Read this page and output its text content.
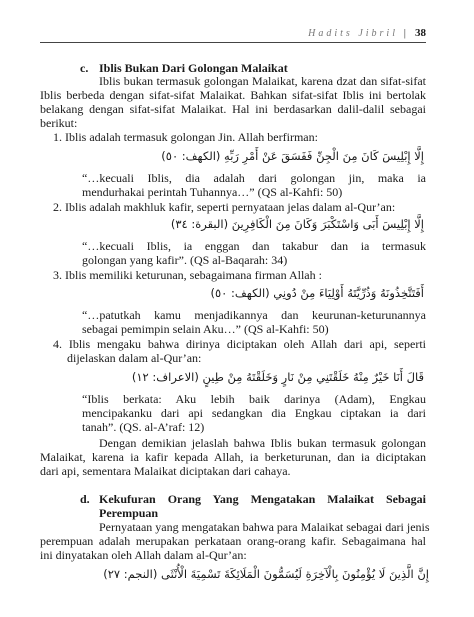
Hadits Jibril | 38
c. Iblis Bukan Dari Golongan Malaikat
Iblis bukan termasuk golongan Malaikat, karena dzat dan sifat-sifat
Iblis berbeda dengan sifat-sifat Malaikat. Bahkan sifat-sifat Iblis ini bertolak
belakang dengan sifat-sifat Malaikat. Hal ini berdasarkan dalil-dalil sebagai
berikut:
1. Iblis adalah termasuk golongan Jin. Allah berfirman:
إِلَّا إِبْلِيسَ كَانَ مِنَ الْجِنِّ فَفَسَقَ عَنْ أَمْرِ رَبِّهِ (الكهف: ٥٠)
“…kecuali Iblis, dia adalah dari golongan jin, maka ia
mendurhakai perintah Tuhannya…” (QS al-Kahfi: 50)
2. Iblis adalah makhluk kafir, seperti pernyataan jelas dalam al-Qur’an:
إِلَّا إِبْلِيسَ أَبَى وَاسْتَكْبَرَ وَكَانَ مِنَ الْكَافِرِينَ (البقرة: ٣٤)
“…kecuali Iblis, ia enggan dan takabur dan ia termasuk
golongan yang kafir”. (QS al-Baqarah: 34)
3. Iblis memiliki keturunan, sebagaimana firman Allah :
أَفَتَتَّخِذُونَهُ وَذُرِّيَّتَهُ أَوْلِيَاءَ مِنْ دُونِي (الكهف: ٥٠)
“…patutkah kamu menjadikannya dan keurunan-keturunannya
sebagai pemimpin selain Aku…” (QS al-Kahfi: 50)
4. Iblis mengaku bahwa dirinya diciptakan oleh Allah dari api, seperti
dijelaskan dalam al-Qur’an:
قَالَ أَنَا خَيْرٌ مِنْهُ خَلَقْتَنِي مِنْ نَارٍ وَخَلَقْتَهُ مِنْ طِينٍ (الاعراف: ١٢)
“Iblis berkata: Aku lebih baik darinya (Adam), Engkau
mencipakanku dari api sedangkan dia Engkau ciptakan ia dari
tanah”. (QS. al-A’raf: 12)
Dengan demikian jelaslah bahwa Iblis bukan termasuk golongan
Malaikat, karena ia kafir kepada Allah, ia berketurunan, dan ia diciptakan
dari api, sementara Malaikat diciptakan dari cahaya.
d. Kekufuran Orang Yang Mengatakan Malaikat Sebagai
Perempuan
Pernyataan yang mengatakan bahwa para Malaikat sebagai dari jenis
perempuan adalah merupakan perkataan orang-orang kafir. Sebagaimana hal
ini dinyatakan oleh Allah dalam al-Qur’an:
إِنَّ الَّذِينَ لَا يُؤْمِنُونَ بِالْآخِرَةِ لَيُسَمُّونَ الْمَلَائِكَةَ تَسْمِيَةَ الْأُنْثَى (النجم: ٢٧)
